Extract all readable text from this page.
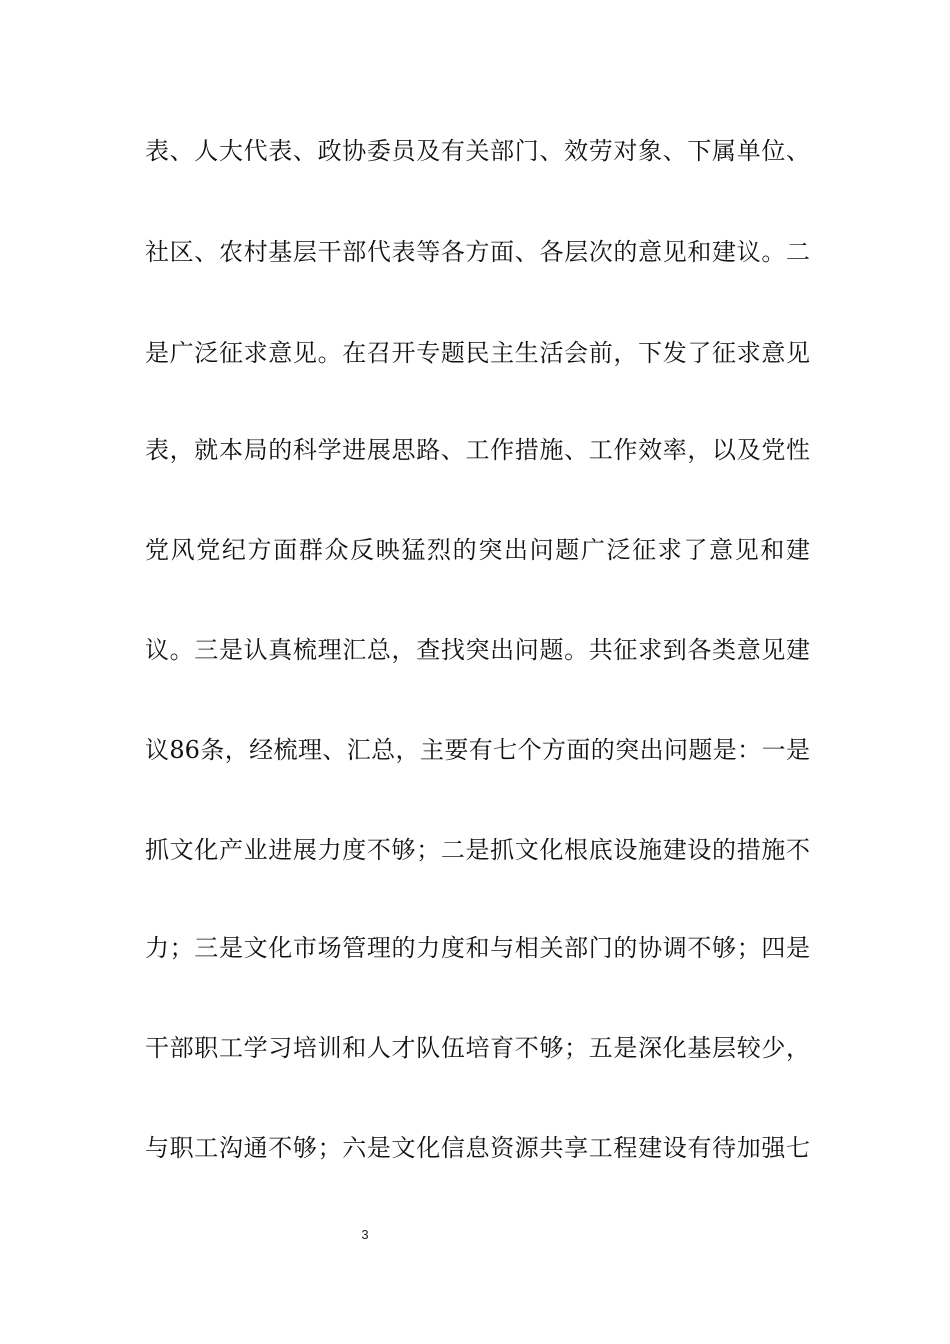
表、人大代表、政协委员及有关部门、效劳对象、下属单位、
社区、农村基层干部代表等各方面、各层次的意见和建议。二
是广泛征求意见。在召开专题民主生活会前，下发了征求意见
表，就本局的科学进展思路、工作措施、工作效率，以及党性
党风党纪方面群众反映猛烈的突出问题广泛征求了意见和建
议。三是认真梳理汇总，查找突出问题。共征求到各类意见建
议86条，经梳理、汇总，主要有七个方面的突出问题是：一是
抓文化产业进展力度不够；二是抓文化根底设施建设的措施不
力；三是文化市场管理的力度和与相关部门的协调不够；四是
干部职工学习培训和人才队伍培育不够；五是深化基层较少，
与职工沟通不够；六是文化信息资源共享工程建设有待加强七
3
